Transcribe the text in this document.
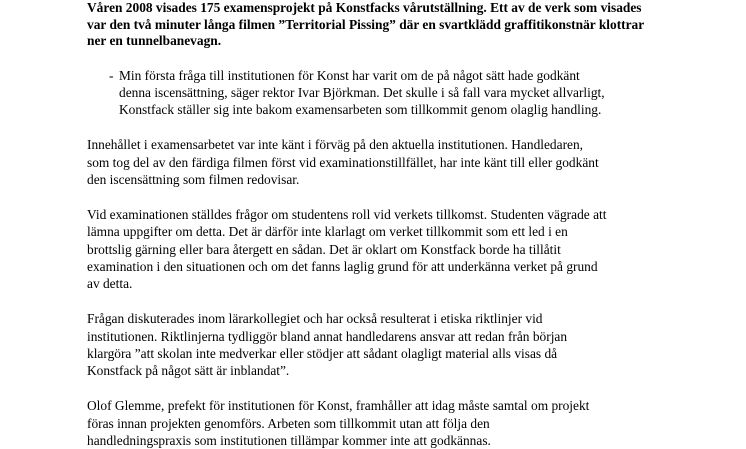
Våren 2008 visades 175 examensprojekt på Konstfacks vårutställning. Ett av de verk som visades
var den två minuter långa filmen ”Territorial Pissing” där en svartklädd graffitikonstnär klottrar
ner en tunnelbanevagn.

- Min första fråga till institutionen för Konst har varit om de på något sätt hade godkänt
denna iscensättning, säger rektor Ivar Björkman. Det skulle i så fall vara mycket allvarligt,
Konstfack ställer sig inte bakom examensarbeten som tillkommit genom olaglig handling.

Innehållet i examensarbetet var inte känt i förväg på den aktuella institutionen. Handledaren,
som tog del av den färdiga filmen först vid examinationstillfället, har inte känt till eller godkänt
den iscensättning som filmen redovisar.

Vid examinationen ställdes frågor om studentens roll vid verkets tillkomst. Studenten vägrade att
lämna uppgifter om detta. Det är därför inte klarlagt om verket tillkommit som ett led i en
brottslig gärning eller bara återgett en sådan. Det är oklart om Konstfack borde ha tillåtit
examination i den situationen och om det fanns laglig grund för att underkänna verket på grund
av detta.

Frågan diskuterades inom lärarkollegiet och har också resulterat i etiska riktlinjer vid
institutionen. Riktlinjerna tydliggör bland annat handledarens ansvar att redan från början
klargöra ”att skolan inte medverkar eller stödjer att sådant olagligt material alls visas då
Konstfack på något sätt är inblandat”.

Olof Glemme, prefekt för institutionen för Konst, framhåller att idag måste samtal om projekt
föras innan projekten genomförs. Arbeten som tillkommit utan att följa den
handledningspraxis som institutionen tillämpar kommer inte att godkännas.
